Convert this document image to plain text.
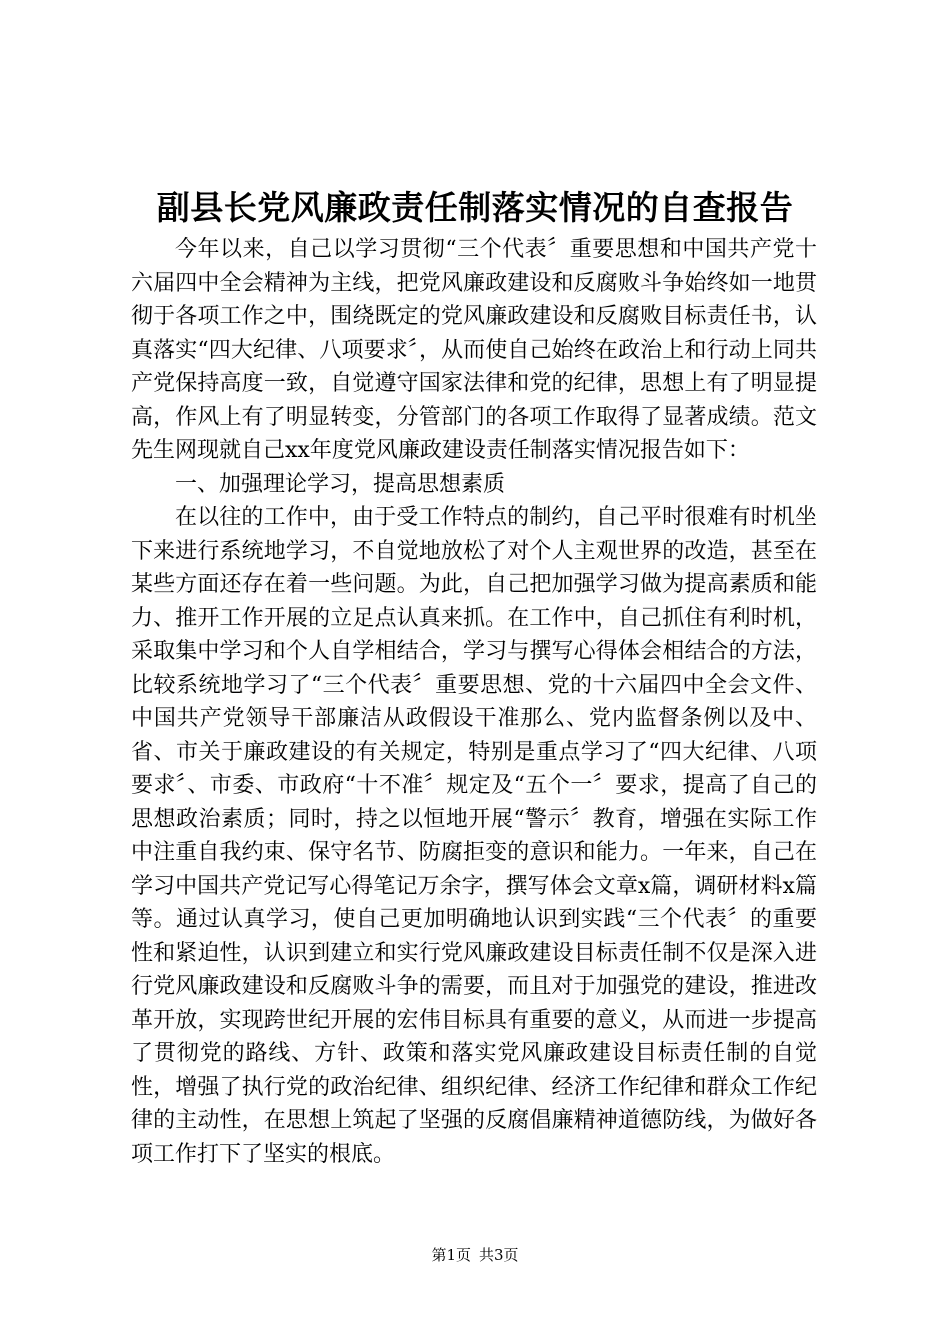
副县长党风廉政责任制落实情况的自查报告

今年以来，自己以学习贯彻“三个代表〞重要思想和中国共产党十六届四中全会精神为主线，把党风廉政建设和反腐败斗争始终如一地贯彻于各项工作之中，围绕既定的党风廉政建设和反腐败目标责任书，认真落实“四大纪律、八项要求〞，从而使自己始终在政治上和行动上同共产党保持高度一致，自觉遵守国家法律和党的纪律，思想上有了明显提高，作风上有了明显转变，分管部门的各项工作取得了显著成绩。范文先生网现就自己xx年度党风廉政建设责任制落实情况报告如下：

一、加强理论学习，提高思想素质

在以往的工作中，由于受工作特点的制约，自己平时很难有时机坐下来进行系统地学习，不自觉地放松了对个人主观世界的改造，甚至在某些方面还存在着一些问题。为此，自己把加强学习做为提高素质和能力、推开工作开展的立足点认真来抓。在工作中，自己抓住有利时机，采取集中学习和个人自学相结合，学习与撰写心得体会相结合的方法，比较系统地学习了“三个代表〞重要思想、党的十六届四中全会文件、中国共产党领导干部廉洁从政假设干准那么、党内监督条例以及中、省、市关于廉政建设的有关规定，特别是重点学习了“四大纪律、八项要求〞、市委、市政府“十不准〞规定及“五个一〞要求，提高了自己的思想政治素质；同时，持之以恒地开展“警示〞教育，增强在实际工作中注重自我约束、保守名节、防腐拒变的意识和能力。一年来，自己在学习中国共产党记写心得笔记万余字，撰写体会文章x篇，调研材料x篇等。通过认真学习，使自己更加明确地认识到实践“三个代表〞的重要性和紧迫性，认识到建立和实行党风廉政建设目标责任制不仅是深入进行党风廉政建设和反腐败斗争的需要，而且对于加强党的建设，推进改革开放，实现跨世纪开展的宏伟目标具有重要的意义，从而进一步提高了贯彻党的路线、方针、政策和落实党风廉政建设目标责任制的自觉性，增强了执行党的政治纪律、组织纪律、经济工作纪律和群众工作纪律的主动性，在思想上筑起了坚强的反腐倡廉精神道德防线，为做好各项工作打下了坚实的根底。

第1页 共3页
